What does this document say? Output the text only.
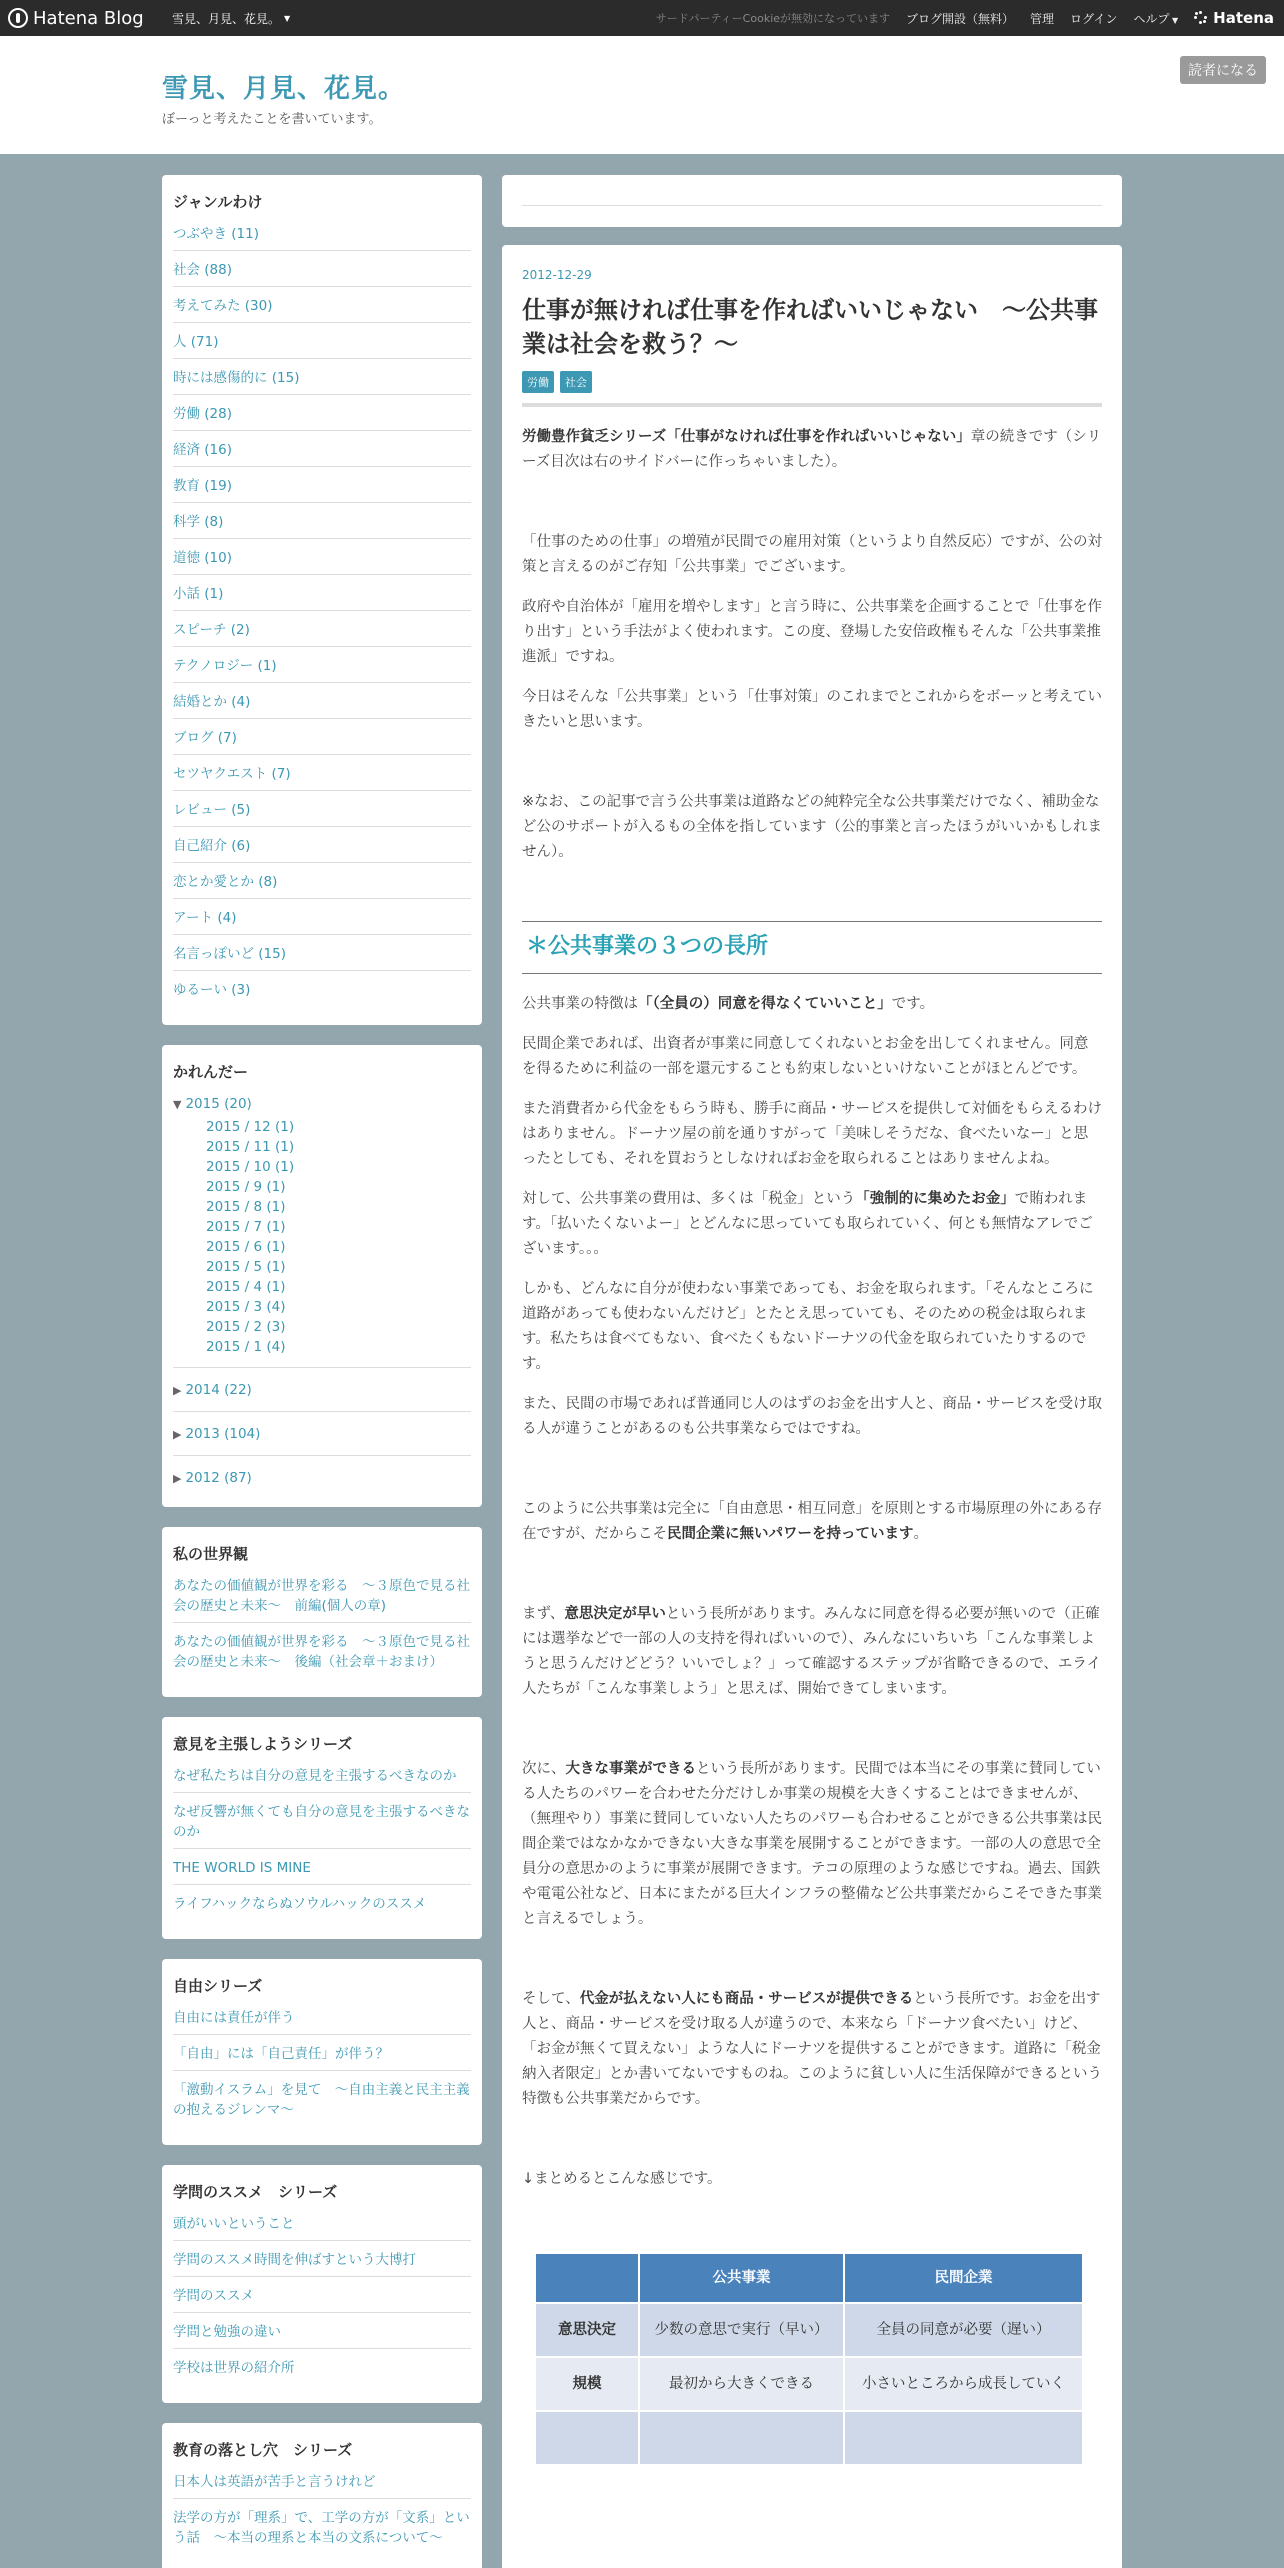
Hatena Blog 雪見、月見、花見。 ▼	サードパーティーCookieが無効になっています ブログ開設（無料） 管理 ログイン ヘルプ ▼ Hatena
雪見、月見、花見。
ぼーっと考えたことを書いています。
読者になる
ジャンルわけ
つぶやき (11)
社会 (88)
考えてみた (30)
人 (71)
時には感傷的に (15)
労働 (28)
経済 (16)
教育 (19)
科学 (8)
道徳 (10)
小話 (1)
スピーチ (2)
テクノロジー (1)
結婚とか (4)
ブログ (7)
セツヤクエスト (7)
レビュー (5)
自己紹介 (6)
恋とか愛とか (8)
アート (4)
名言っぽいど (15)
ゆるーい (3)
かれんだー
▼ 2015 (20)
2015 / 12 (1)
2015 / 11 (1)
2015 / 10 (1)
2015 / 9 (1)
2015 / 8 (1)
2015 / 7 (1)
2015 / 6 (1)
2015 / 5 (1)
2015 / 4 (1)
2015 / 3 (4)
2015 / 2 (3)
2015 / 1 (4)
▶ 2014 (22)
▶ 2013 (104)
▶ 2012 (87)
私の世界観
あなたの価値観が世界を彩る　～３原色で見る社会の歴史と未来～　前編(個人の章)
あなたの価値観が世界を彩る　～３原色で見る社会の歴史と未来～　後編（社会章＋おまけ）
意見を主張しようシリーズ
なぜ私たちは自分の意見を主張するべきなのか
なぜ反響が無くても自分の意見を主張するべきなのか
THE WORLD IS MINE
ライフハックならぬソウルハックのススメ
自由シリーズ
自由には責任が伴う
「自由」には「自己責任」が伴う？
「激動イスラム」を見て　～自由主義と民主主義の抱えるジレンマ～
学問のススメ　シリーズ
頭がいいということ
学問のススメ時間を伸ばすという大博打
学問のススメ
学問と勉強の違い
学校は世界の紹介所
教育の落とし穴　シリーズ
日本人は英語が苦手と言うけれど
法学の方が「理系」で、工学の方が「文系」という話　～本当の理系と本当の文系について～
2012-12-29
仕事が無ければ仕事を作ればいいじゃない　～公共事業は社会を救う？～
労働	社会

労働豊作貧乏シリーズ「仕事がなければ仕事を作ればいいじゃない」章の続きです（シリーズ目次は右のサイドバーに作っちゃいました）。

「仕事のための仕事」の増殖が民間での雇用対策（というより自然反応）ですが、公の対策と言えるのがご存知「公共事業」でございます。

政府や自治体が「雇用を増やします」と言う時に、公共事業を企画することで「仕事を作り出す」という手法がよく使われます。この度、登場した安倍政権もそんな「公共事業推進派」ですね。

今日はそんな「公共事業」という「仕事対策」のこれまでとこれからをボーッと考えていきたいと思います。

※なお、この記事で言う公共事業は道路などの純粋完全な公共事業だけでなく、補助金など公のサポートが入るもの全体を指しています（公的事業と言ったほうがいいかもしれません）。

＊公共事業の３つの長所

公共事業の特徴は「（全員の）同意を得なくていいこと」です。

民間企業であれば、出資者が事業に同意してくれないとお金を出してくれません。同意を得るために利益の一部を還元することも約束しないといけないことがほとんどです。

また消費者から代金をもらう時も、勝手に商品・サービスを提供して対価をもらえるわけはありません。ドーナツ屋の前を通りすがって「美味しそうだな、食べたいなー」と思ったとしても、それを買おうとしなければお金を取られることはありませんよね。

対して、公共事業の費用は、多くは「税金」という「強制的に集めたお金」で賄われます。「払いたくないよー」とどんなに思っていても取られていく、何とも無情なアレでございます。。。

しかも、どんなに自分が使わない事業であっても、お金を取られます。「そんなところに道路があっても使わないんだけど」とたとえ思っていても、そのための税金は取られます。私たちは食べてもない、食べたくもないドーナツの代金を取られていたりするのです。

また、民間の市場であれば普通同じ人のはずのお金を出す人と、商品・サービスを受け取る人が違うことがあるのも公共事業ならではですね。

このように公共事業は完全に「自由意思・相互同意」を原則とする市場原理の外にある存在ですが、だからこそ民間企業に無いパワーを持っています。

まず、意思決定が早いという長所があります。みんなに同意を得る必要が無いので（正確には選挙などで一部の人の支持を得ればいいので）、みんなにいちいち「こんな事業しようと思うんだけどどう？いいでしょ？」って確認するステップが省略できるので、エライ人たちが「こんな事業しよう」と思えば、開始できてしまいます。

次に、大きな事業ができるという長所があります。民間では本当にその事業に賛同している人たちのパワーを合わせた分だけしか事業の規模を大きくすることはできませんが、（無理やり）事業に賛同していない人たちのパワーも合わせることができる公共事業は民間企業ではなかなかできない大きな事業を展開することができます。一部の人の意思で全員分の意思かのように事業が展開できます。テコの原理のような感じですね。過去、国鉄や電電公社など、日本にまたがる巨大インフラの整備など公共事業だからこそできた事業と言えるでしょう。

そして、代金が払えない人にも商品・サービスが提供できるという長所です。お金を出す人と、商品・サービスを受け取る人が違うので、本来なら「ドーナツ食べたい」けど、「お金が無くて買えない」ような人にドーナツを提供することができます。道路に「税金納入者限定」とか書いてないですものね。このように貧しい人に生活保障ができるという特徴も公共事業だからです。

↓まとめるとこんな感じです。

	公共事業	民間企業
意思決定	少数の意思で実行（早い）	全員の同意が必要（遅い）
規模	最初から大きくできる	小さいところから成長していく
